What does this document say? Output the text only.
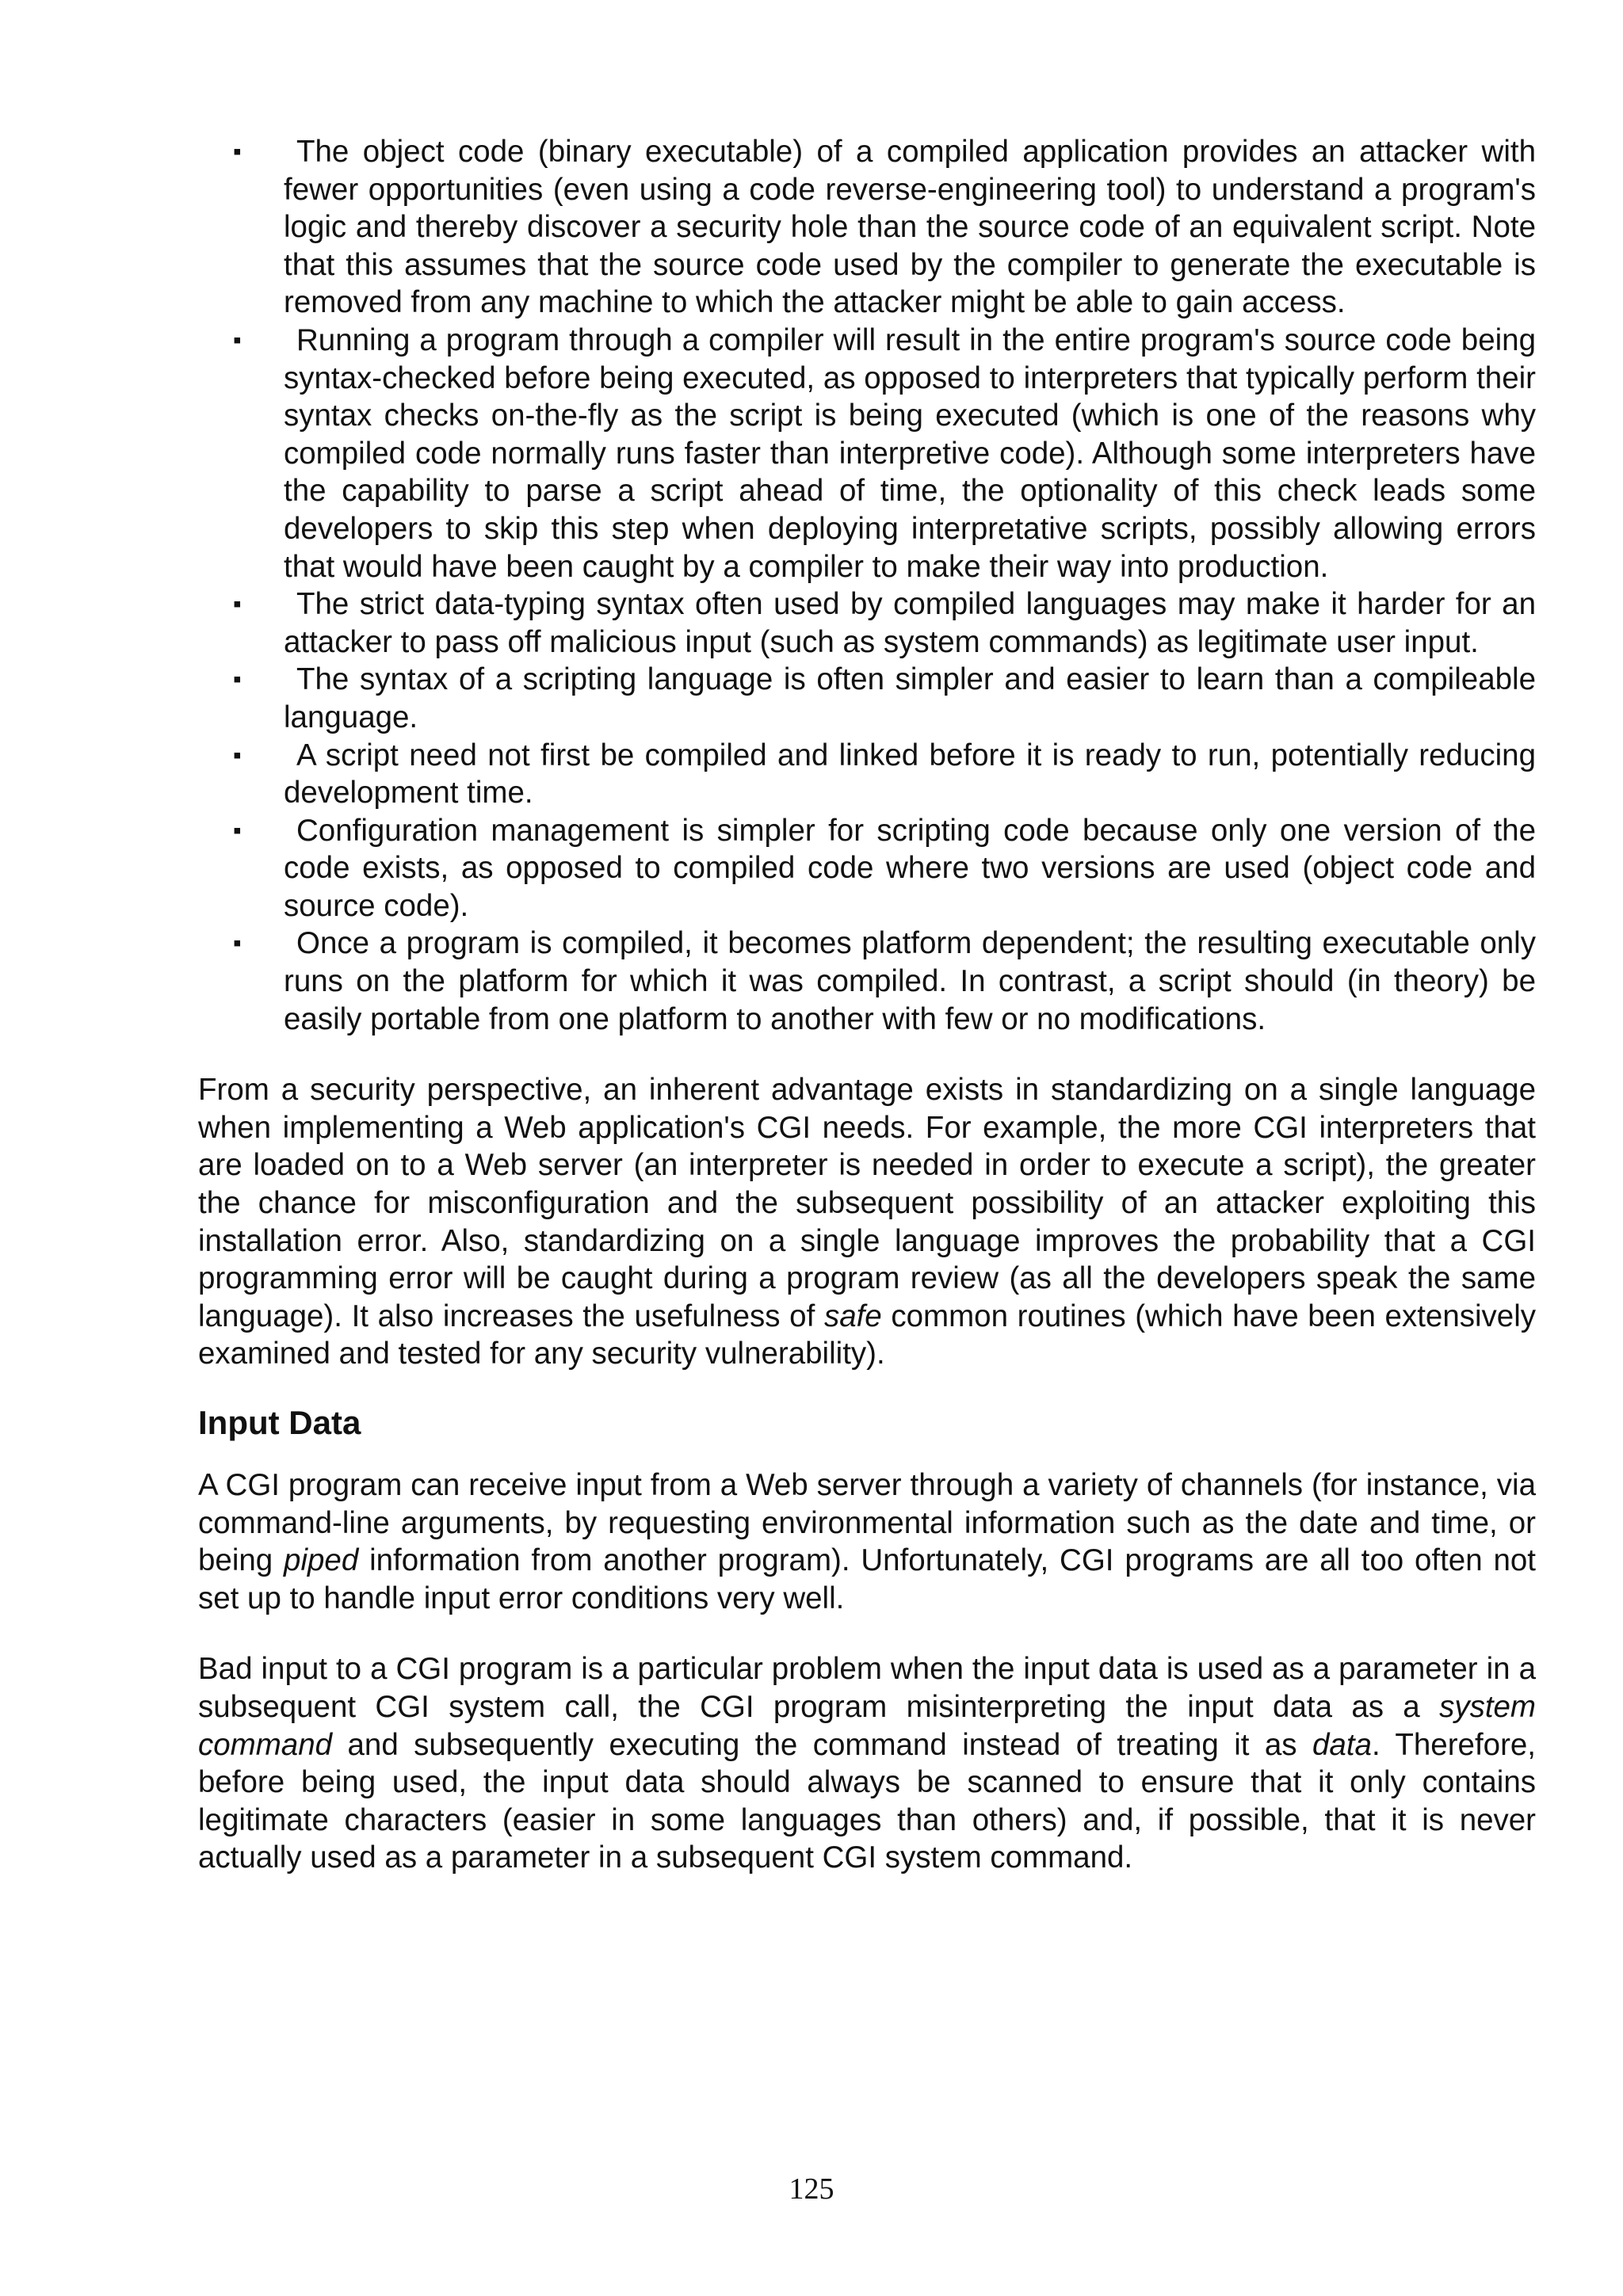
▪	The object code (binary executable) of a compiled application provides an attacker with fewer opportunities (even using a code reverse-engineering tool) to understand a program's logic and thereby discover a security hole than the source code of an equivalent script. Note that this assumes that the source code used by the compiler to generate the executable is removed from any machine to which the attacker might be able to gain access.
▪	Running a program through a compiler will result in the entire program's source code being syntax-checked before being executed, as opposed to interpreters that typically perform their syntax checks on-the-fly as the script is being executed (which is one of the reasons why compiled code normally runs faster than interpretive code). Although some interpreters have the capability to parse a script ahead of time, the optionality of this check leads some developers to skip this step when deploying interpretative scripts, possibly allowing errors that would have been caught by a compiler to make their way into production.
▪	The strict data-typing syntax often used by compiled languages may make it harder for an attacker to pass off malicious input (such as system commands) as legitimate user input.
▪	The syntax of a scripting language is often simpler and easier to learn than a compileable language.
▪	A script need not first be compiled and linked before it is ready to run, potentially reducing development time.
▪	Configuration management is simpler for scripting code because only one version of the code exists, as opposed to compiled code where two versions are used (object code and source code).
▪	Once a program is compiled, it becomes platform dependent; the resulting executable only runs on the platform for which it was compiled. In contrast, a script should (in theory) be easily portable from one platform to another with few or no modifications.

From a security perspective, an inherent advantage exists in standardizing on a single language when implementing a Web application's CGI needs. For example, the more CGI interpreters that are loaded on to a Web server (an interpreter is needed in order to execute a script), the greater the chance for misconfiguration and the subsequent possibility of an attacker exploiting this installation error. Also, standardizing on a single language improves the probability that a CGI programming error will be caught during a program review (as all the developers speak the same language). It also increases the usefulness of safe common routines (which have been extensively examined and tested for any security vulnerability).

Input Data

A CGI program can receive input from a Web server through a variety of channels (for instance, via command-line arguments, by requesting environmental information such as the date and time, or being piped information from another program). Unfortunately, CGI programs are all too often not set up to handle input error conditions very well.

Bad input to a CGI program is a particular problem when the input data is used as a parameter in a subsequent CGI system call, the CGI program misinterpreting the input data as a system command and subsequently executing the command instead of treating it as data. Therefore, before being used, the input data should always be scanned to ensure that it only contains legitimate characters (easier in some languages than others) and, if possible, that it is never actually used as a parameter in a subsequent CGI system command.

125
